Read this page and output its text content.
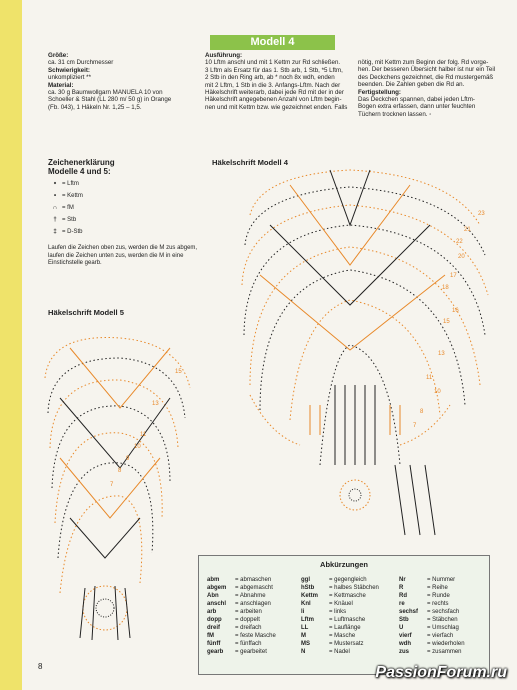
Modell 4
Größe:
ca. 31 cm Durchmesser
Schwierigkeit:
unkompliziert **
Material:
ca. 30 g Baumwollgarn MANUELA 10 von
Schoeller & Stahl (LL 280 m/ 50 g) in Orange
(Fb. 043), 1 Häkeln Nr. 1,25 – 1,5.
Ausführung:
10 Lftm anschl und mit 1 Kettm zur Rd schließen.
3 Lftm als Ersatz für das 1. Stb arb, 1 Stb, *5 Lftm,
2 Stb in den Ring arb, ab * noch 8x wdh, enden
mit 2 Lftm, 1 Stb in die 3. Anfangs-Lftm. Nach der
Häkelschrift weiterarb, dabei jede Rd mit der in der
Häkelschrift angegebenen Anzahl von Lftm begin-
nen und mit Kettm bzw. wie gezeichnet enden. Falls
nötig, mit Kettm zum Beginn der folg. Rd vorge-
hen. Der besseren Übersicht halber ist nur ein Teil
des Deckchens gezeichnet, die Rd mustergemäß
beenden. Die Zahlen geben die Rd an.
Fertigstellung:
Das Deckchen spannen, dabei jeden Lftm-
Bogen extra erfassen, dann unter feuchten
Tüchern trocknen lassen. ◦
Zeichenerklärung
Modelle 4 und 5:
∘ = Lftm
• = Kettm
∩ = fM
† = Stb
‡ = D-Stb
Laufen die Zeichen oben zus, werden die M zus abgem, laufen die Zeichen unten zus, werden die M in eine Einstichstelle gearb.
Häkelschrift Modell 4
Häkelschrift Modell 5
23
22
21
20
18
17
16
15
13
11
10
8
7
15
13
11
10
9
8
7
Abkürzungen
abm	= abmaschen
abgem = abgemascht
Abn	= Abnahme
anschl = anschlagen
arb	= arbeiten
dopp = doppelt
dreif = dreifach
fM	= feste Masche
fünff = fünffach
gearb = gearbeitet
ggl	= gegengleich
hStb = halbes Stäbchen
Kettm = Kettmasche
Knl	= Knäuel
li	= links
Lftm	= Luftmasche
LL	= Lauflänge
M	= Masche
MS	= Mustersatz
N	= Nadel
Nr	= Nummer
R	= Reihe
Rd	= Runde
re	= rechts
sechsf = sechsfach
Stb	= Stäbchen
U	= Umschlag
vierf	= vierfach
wdh	= wiederholen
zus	= zusammen
8	PassionForum.ru
